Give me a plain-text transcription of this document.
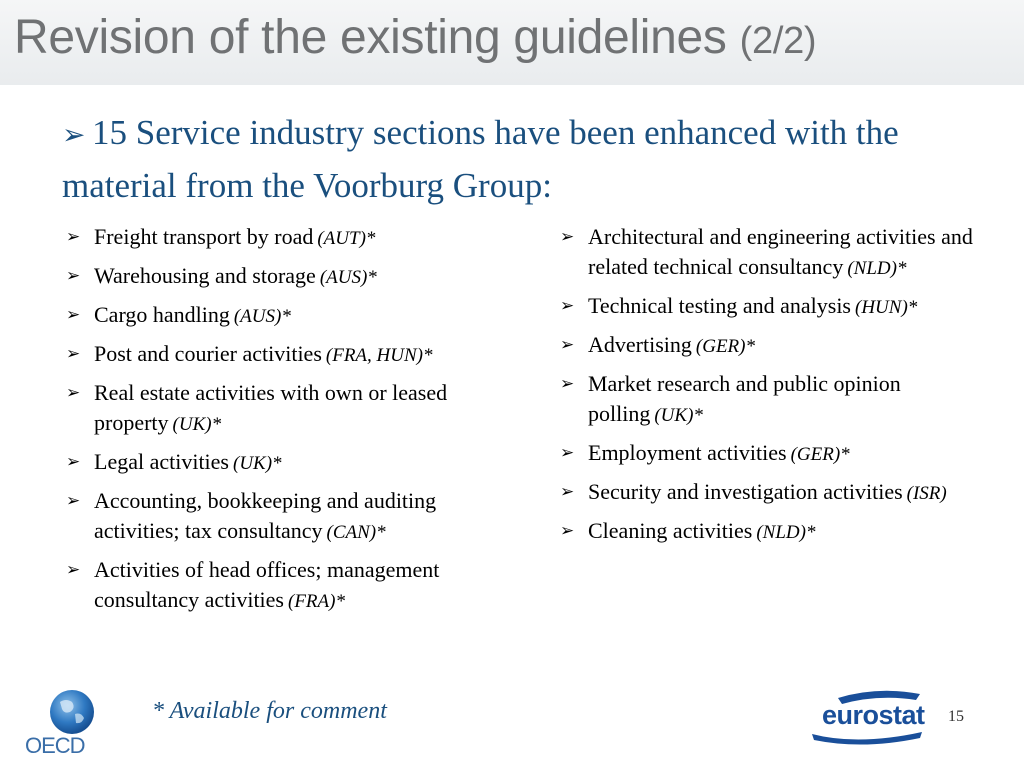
Revision of the existing guidelines (2/2)
➢ 15 Service industry sections have been enhanced with the material from the Voorburg Group:
➢ Freight transport by road (AUT)*
➢ Warehousing and storage (AUS)*
➢ Cargo handling (AUS)*
➢ Post and courier activities (FRA, HUN)*
➢ Real estate activities with own or leased property (UK)*
➢ Legal activities (UK)*
➢ Accounting, bookkeeping and auditing activities; tax consultancy (CAN)*
➢ Activities of head offices; management consultancy activities (FRA)*
➢ Architectural and engineering activities and related technical consultancy (NLD)*
➢ Technical testing and analysis (HUN)*
➢ Advertising (GER)*
➢ Market research and public opinion polling (UK)*
➢ Employment activities (GER)*
➢ Security and investigation activities (ISR)
➢ Cleaning activities (NLD)*
* Available for comment
OECD
eurostat 15
